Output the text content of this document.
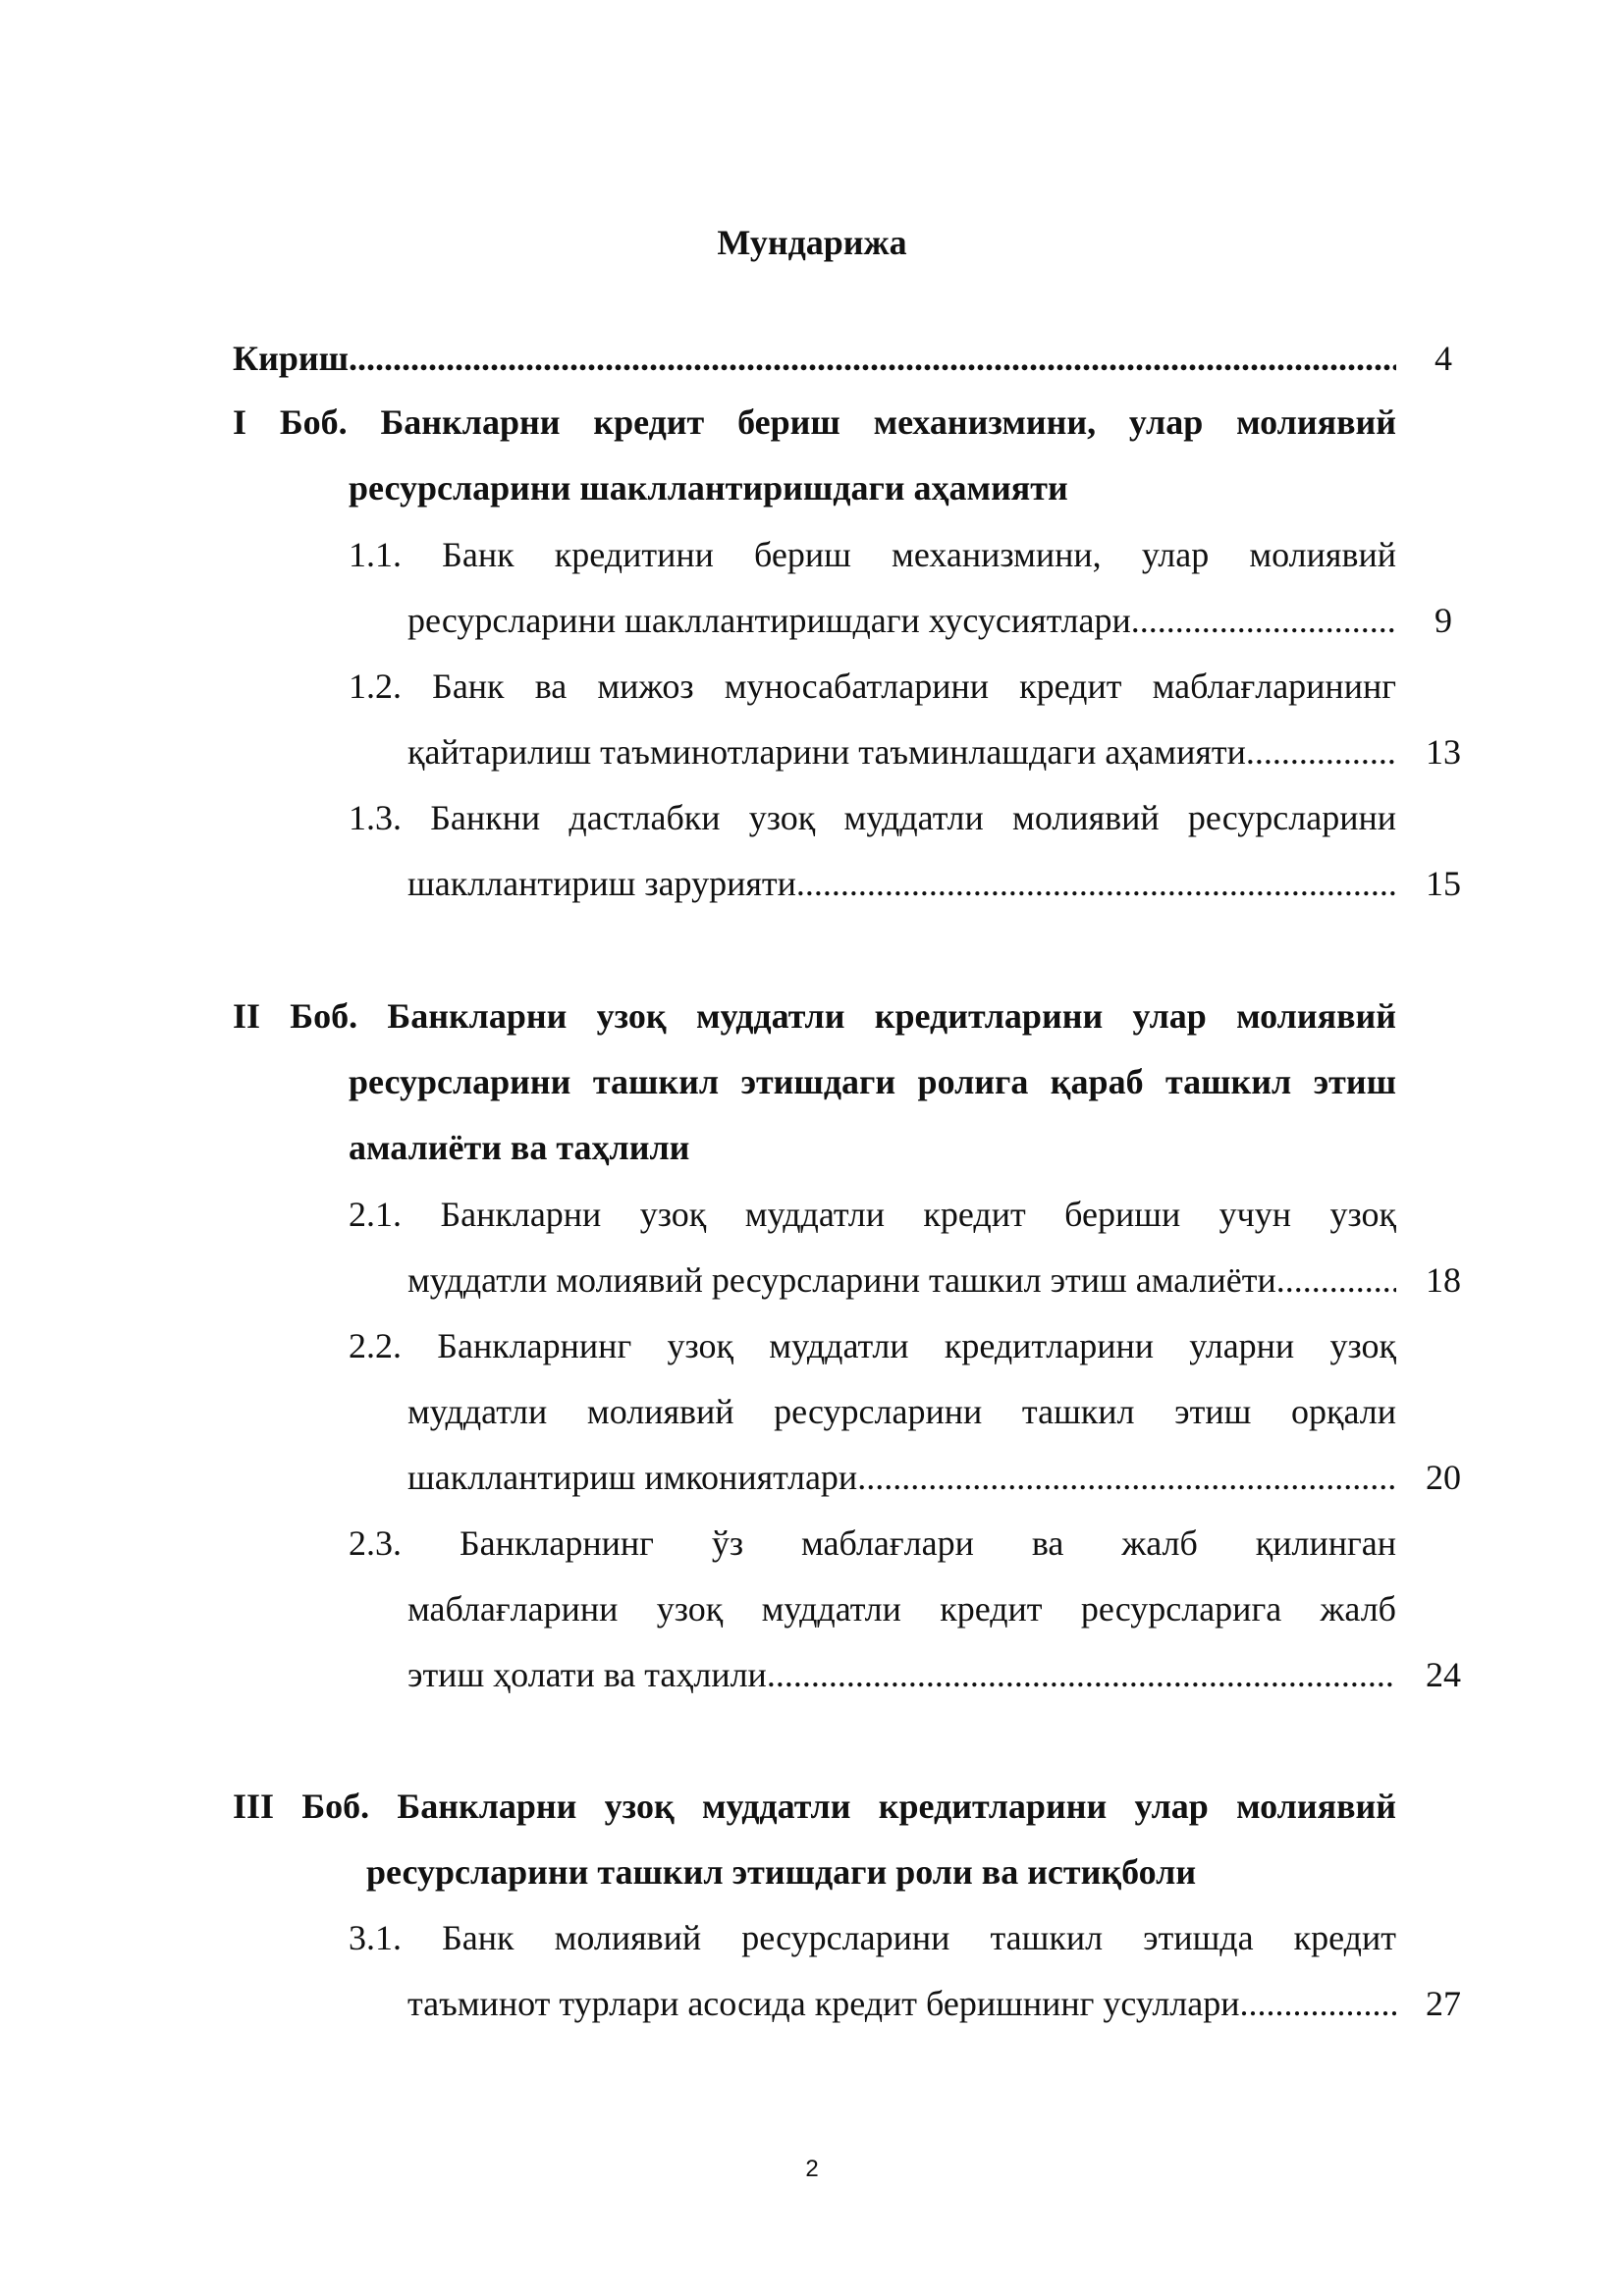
Мундарижа
Кириш .....	4
I Боб. Банкларни кредит бериш механизмини, улар молиявий
ресурсларини шакллантиришдаги аҳамияти
1.1. Банк кредитини бериш механизмини, улар молиявий
ресурсларини шакллантиришдаги хусусиятлари .....	9
1.2. Банк ва мижоз муносабатларини кредит маблағларининг
қайтарилиш таъминотларини таъминлашдаги аҳамияти .....	13
1.3. Банкни дастлабки узоқ муддатли молиявий ресурсларини
шакллантириш зарурияти .....	15
II Боб. Банкларни узоқ муддатли кредитларини улар молиявий
ресурсларини ташкил этишдаги ролига қараб ташкил этиш
амалиёти ва таҳлили
2.1. Банкларни узоқ муддатли кредит бериши учун узоқ
муддатли молиявий ресурсларини ташкил этиш амалиёти .....	18
2.2. Банкларнинг узоқ муддатли кредитларини уларни узоқ
муддатли молиявий ресурсларини ташкил этиш орқали
шакллантириш имкониятлари .....	20
2.3. Банкларнинг ўз маблағлари ва жалб қилинган
маблағларини узоқ муддатли кредит ресурсларига жалб
этиш ҳолати ва таҳлили .....	24
III Боб. Банкларни узоқ муддатли кредитларини улар молиявий
ресурсларини ташкил этишдаги роли ва истиқболи
3.1. Банк молиявий ресурсларини ташкил этишда кредит
таъминот турлари асосида кредит беришнинг усуллари .....	27
2
